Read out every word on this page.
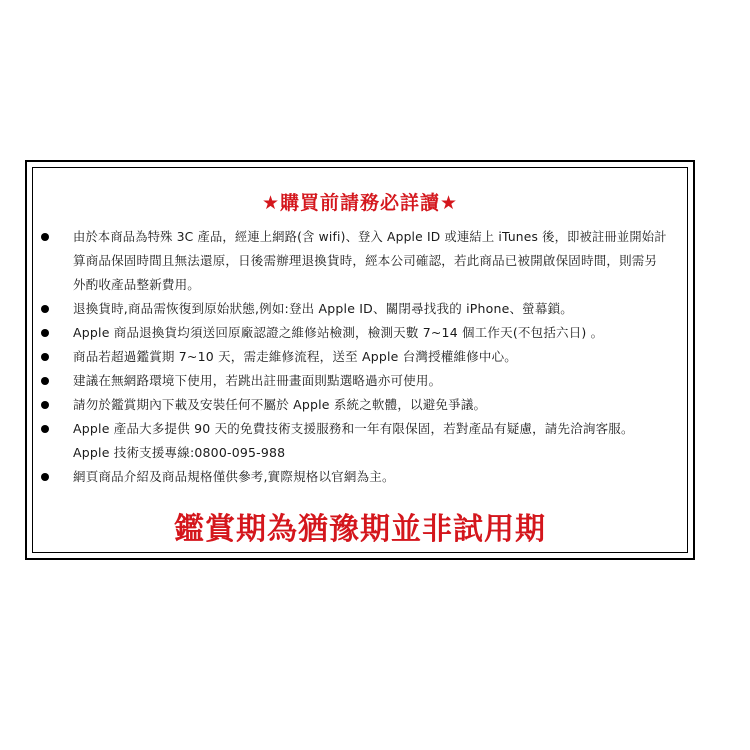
★購買前請務必詳讀★
由於本商品為特殊 3C 產品，經連上網路(含 wifi)、登入 Apple ID 或連結上 iTunes 後，即被註冊並開始計
算商品保固時間且無法還原，日後需辦理退換貨時，經本公司確認，若此商品已被開啟保固時間，則需另
外酌收產品整新費用。
退換貨時,商品需恢復到原始狀態,例如:登出 Apple ID、關閉尋找我的 iPhone、螢幕鎖。
Apple 商品退換貨均須送回原廠認證之維修站檢測，檢測天數 7~14 個工作天(不包括六日) 。
商品若超過鑑賞期 7~10 天，需走維修流程，送至 Apple 台灣授權維修中心。
建議在無網路環境下使用，若跳出註冊畫面則點選略過亦可使用。
請勿於鑑賞期內下載及安裝任何不屬於 Apple 系統之軟體，以避免爭議。
Apple 產品大多提供 90 天的免費技術支援服務和一年有限保固，若對產品有疑慮，請先洽詢客服。
Apple 技術支援專線:0800-095-988
網頁商品介紹及商品規格僅供參考,實際規格以官網為主。
鑑賞期為猶豫期並非試用期
